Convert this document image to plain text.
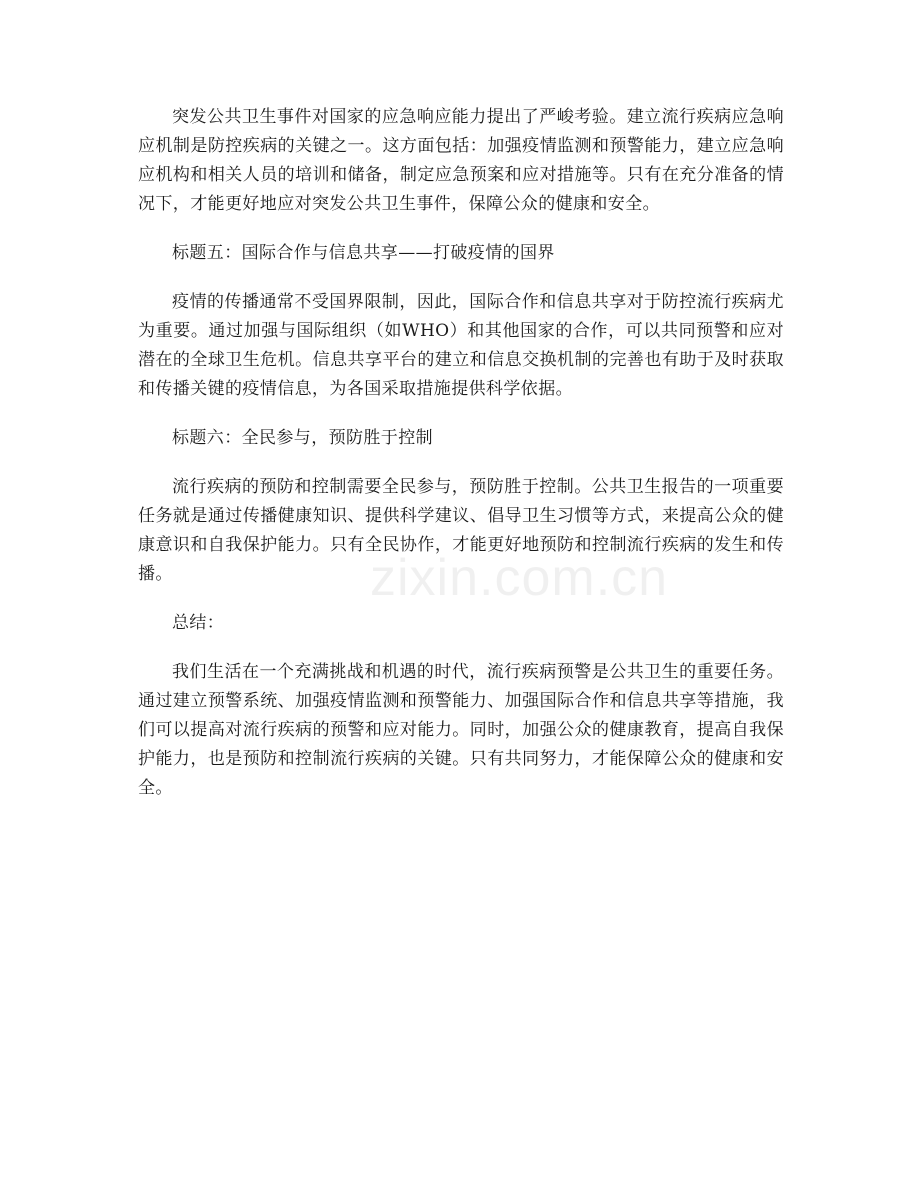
突发公共卫生事件对国家的应急响应能力提出了严峻考验。建立流行疾病应急响应机制是防控疾病的关键之一。这方面包括：加强疫情监测和预警能力，建立应急响应机构和相关人员的培训和储备，制定应急预案和应对措施等。只有在充分准备的情况下，才能更好地应对突发公共卫生事件，保障公众的健康和安全。

标题五：国际合作与信息共享——打破疫情的国界

疫情的传播通常不受国界限制，因此，国际合作和信息共享对于防控流行疾病尤为重要。通过加强与国际组织（如WHO）和其他国家的合作，可以共同预警和应对潜在的全球卫生危机。信息共享平台的建立和信息交换机制的完善也有助于及时获取和传播关键的疫情信息，为各国采取措施提供科学依据。

标题六：全民参与，预防胜于控制

流行疾病的预防和控制需要全民参与，预防胜于控制。公共卫生报告的一项重要任务就是通过传播健康知识、提供科学建议、倡导卫生习惯等方式，来提高公众的健康意识和自我保护能力。只有全民协作，才能更好地预防和控制流行疾病的发生和传播。

总结：

我们生活在一个充满挑战和机遇的时代，流行疾病预警是公共卫生的重要任务。通过建立预警系统、加强疫情监测和预警能力、加强国际合作和信息共享等措施，我们可以提高对流行疾病的预警和应对能力。同时，加强公众的健康教育，提高自我保护能力，也是预防和控制流行疾病的关键。只有共同努力，才能保障公众的健康和安全。

zixin.com.cn
